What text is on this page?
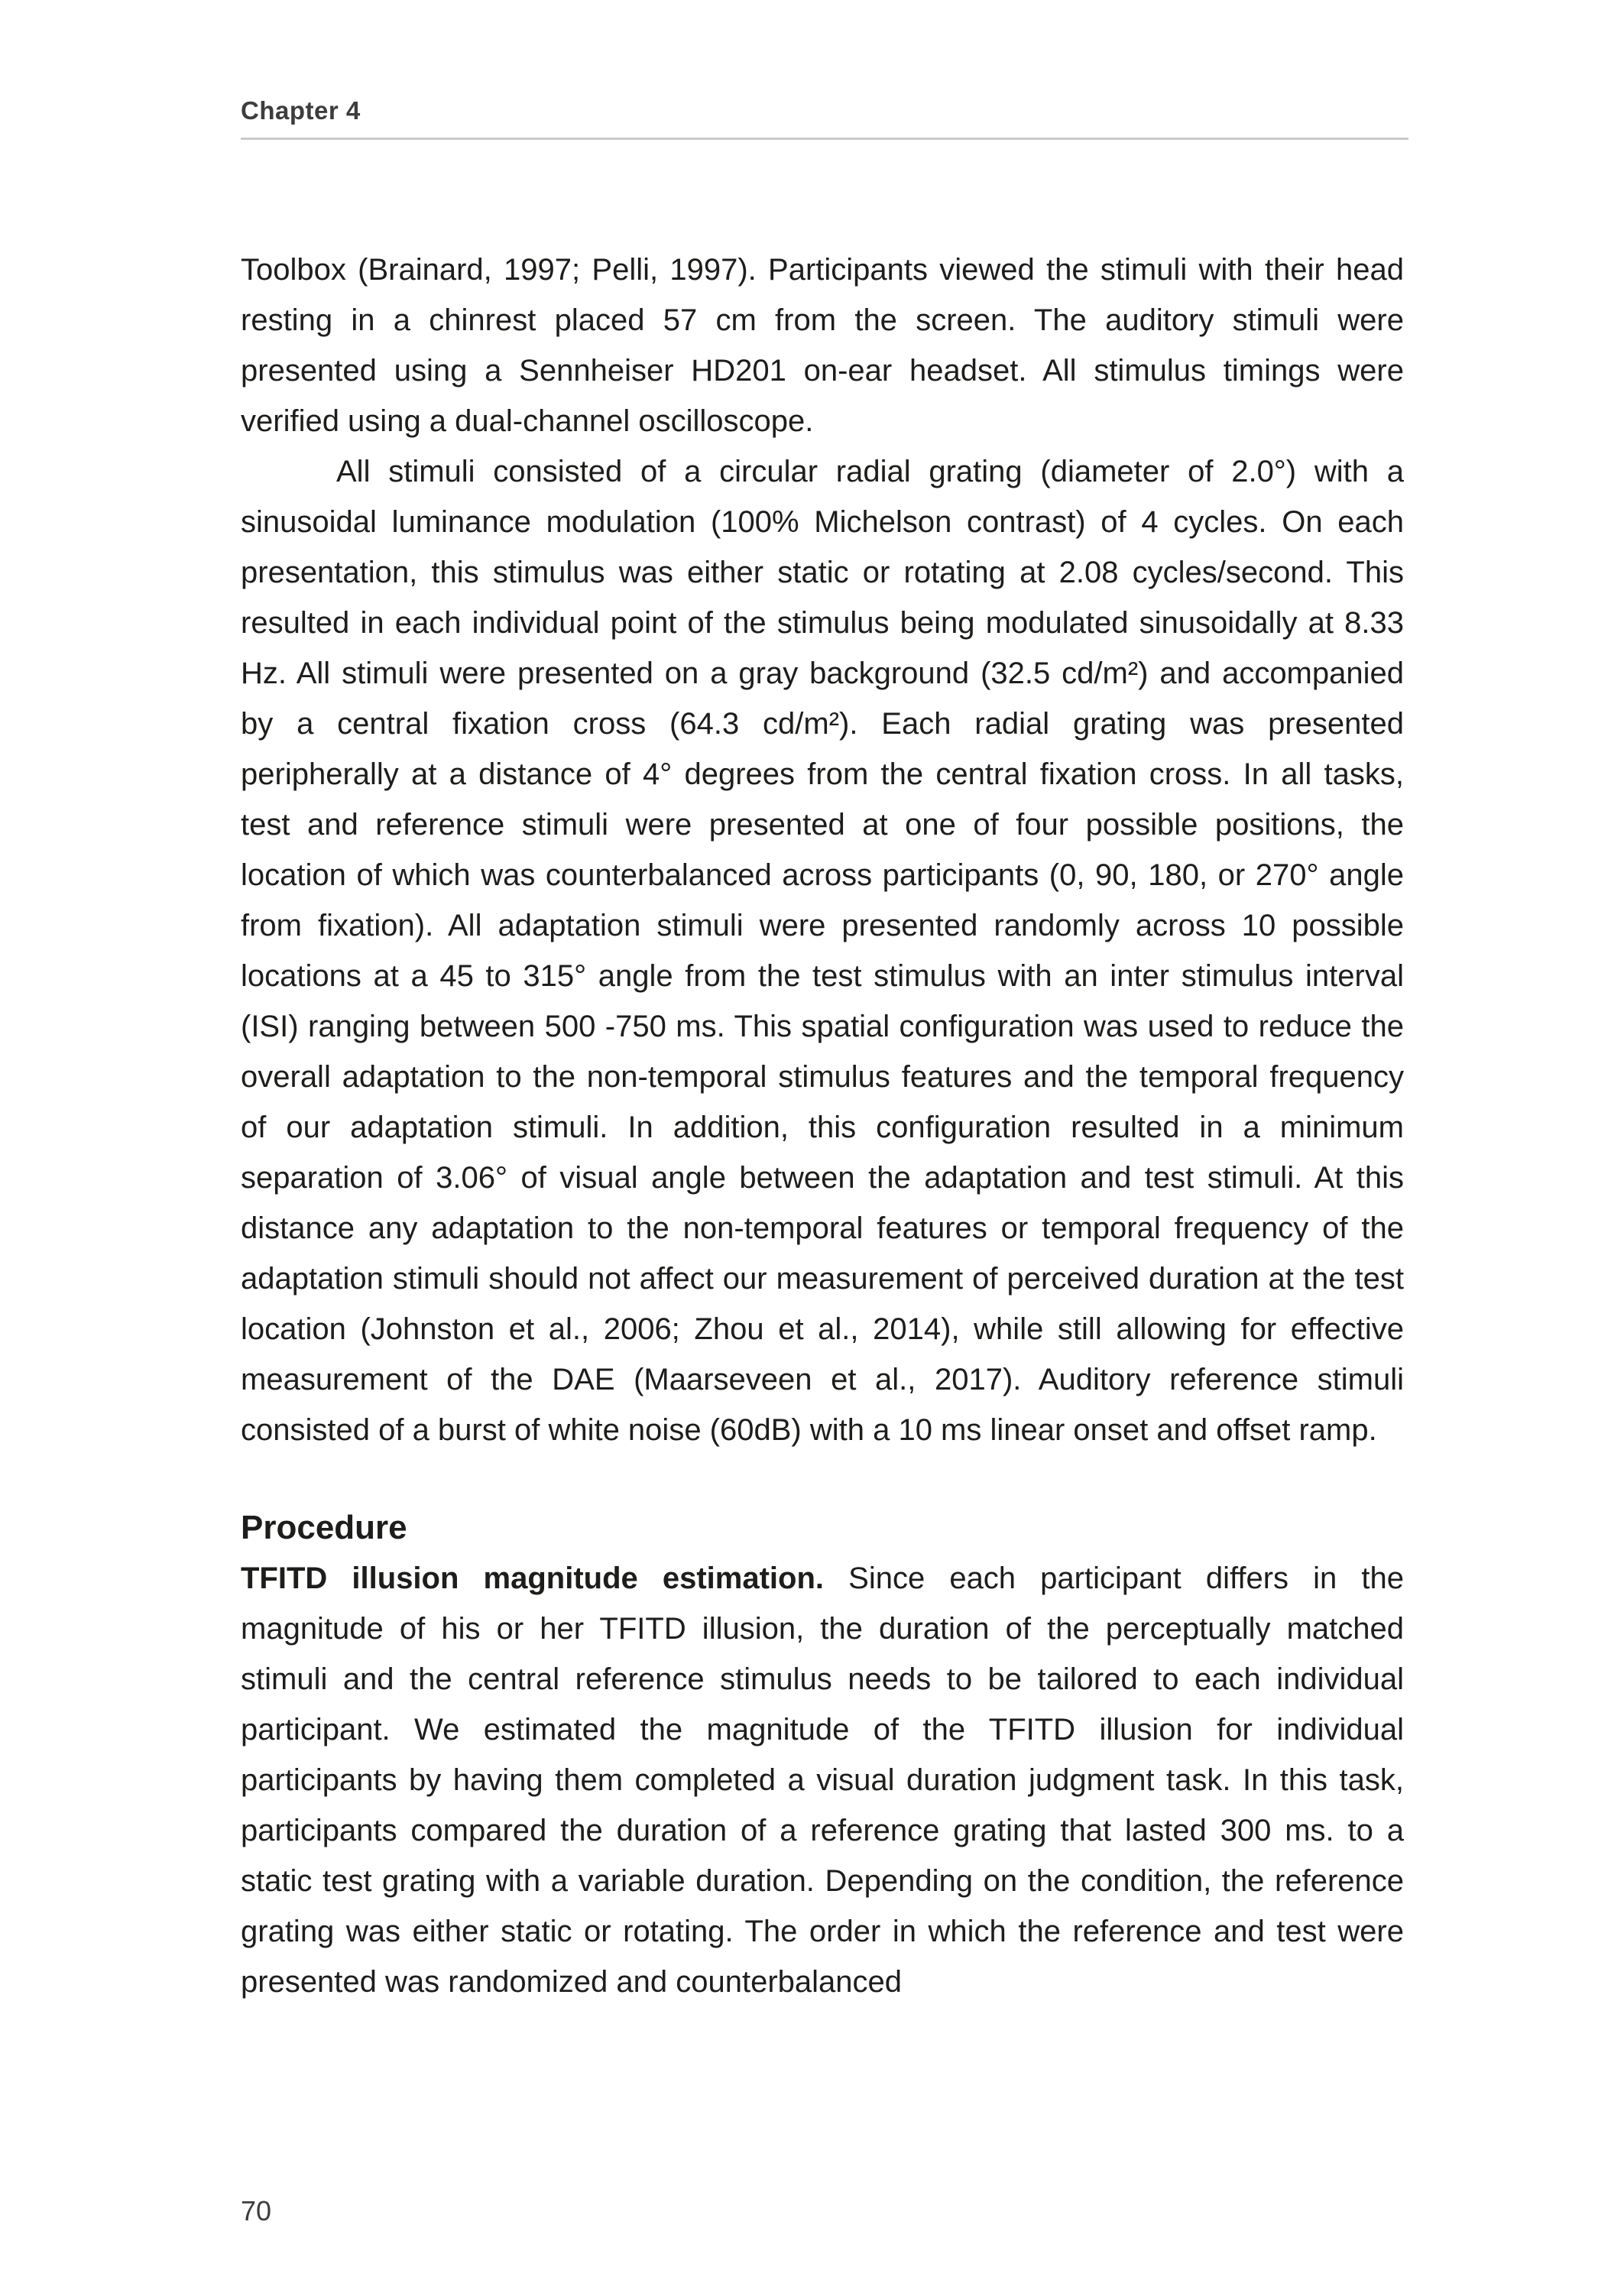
Chapter 4

Toolbox (Brainard, 1997; Pelli, 1997). Participants viewed the stimuli with their head resting in a chinrest placed 57 cm from the screen. The auditory stimuli were presented using a Sennheiser HD201 on-ear headset. All stimulus timings were verified using a dual-channel oscilloscope.

All stimuli consisted of a circular radial grating (diameter of 2.0°) with a sinusoidal luminance modulation (100% Michelson contrast) of 4 cycles. On each presentation, this stimulus was either static or rotating at 2.08 cycles/second. This resulted in each individual point of the stimulus being modulated sinusoidally at 8.33 Hz. All stimuli were presented on a gray background (32.5 cd/m²) and accompanied by a central fixation cross (64.3 cd/m²). Each radial grating was presented peripherally at a distance of 4° degrees from the central fixation cross. In all tasks, test and reference stimuli were presented at one of four possible positions, the location of which was counterbalanced across participants (0, 90, 180, or 270° angle from fixation). All adaptation stimuli were presented randomly across 10 possible locations at a 45 to 315° angle from the test stimulus with an inter stimulus interval (ISI) ranging between 500 -750 ms. This spatial configuration was used to reduce the overall adaptation to the non-temporal stimulus features and the temporal frequency of our adaptation stimuli. In addition, this configuration resulted in a minimum separation of 3.06° of visual angle between the adaptation and test stimuli. At this distance any adaptation to the non-temporal features or temporal frequency of the adaptation stimuli should not affect our measurement of perceived duration at the test location (Johnston et al., 2006; Zhou et al., 2014), while still allowing for effective measurement of the DAE (Maarseveen et al., 2017). Auditory reference stimuli consisted of a burst of white noise (60dB) with a 10 ms linear onset and offset ramp.

Procedure

TFITD illusion magnitude estimation. Since each participant differs in the magnitude of his or her TFITD illusion, the duration of the perceptually matched stimuli and the central reference stimulus needs to be tailored to each individual participant. We estimated the magnitude of the TFITD illusion for individual participants by having them completed a visual duration judgment task. In this task, participants compared the duration of a reference grating that lasted 300 ms. to a static test grating with a variable duration. Depending on the condition, the reference grating was either static or rotating. The order in which the reference and test were presented was randomized and counterbalanced

70
